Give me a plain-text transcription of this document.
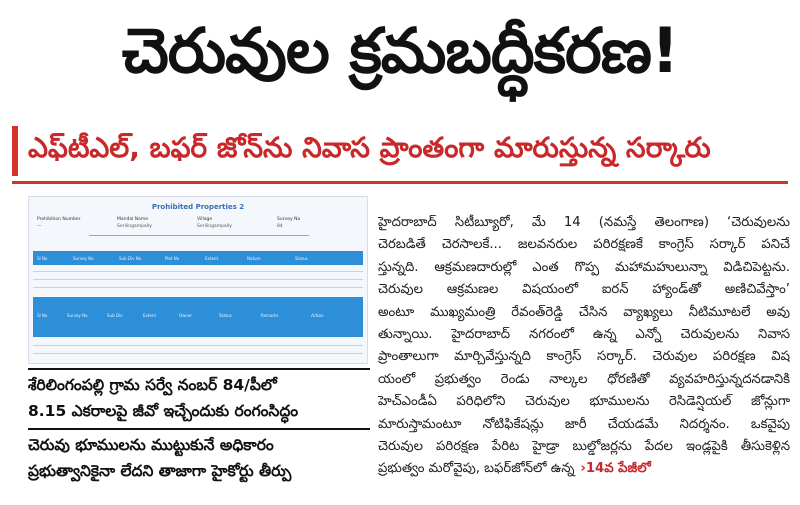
చెరువుల క్రమబద్ధీకరణ!
ఎఫ్‌టీఎల్‌, బఫర్‌ జోన్‌ను నివాస ప్రాంతంగా మారుస్తున్న సర్కారు
Prohibited Properties 2
Prohibition Number
—
Mandal Name
Serilingampally
Village
Serilingampally
Survey No
84
Sl No	Survey No	Sub Div No	Plot No	Extent	Nature	Status
Sl No	Survey No	Sub Div	Extent	Owner	Status	Remarks	Action
హైదరాబాద్‌ సిటీబ్యూరో, మే 14 (నమస్తే తెలంగాణ) ‘చెరువులను
చెరబడితే చెరసాలకే... జలవనరుల పరిరక్షణకే కాంగ్రెస్‌ సర్కార్‌ పనిచే
స్తున్నది. ఆక్రమణదారుల్లో ఎంత గొప్ప మహామహులున్నా విడిచిపెట్టను.
చెరువుల ఆక్రమణల విషయంలో ఐరన్‌ హ్యాండ్‌తో అణిచివేస్తాం’
అంటూ ముఖ్యమంత్రి రేవంత్‌రెడ్డి చేసిన వ్యాఖ్యలు నీటిమూటలే అవు
తున్నాయి. హైదరాబాద్‌ నగరంలో ఉన్న ఎన్నో చెరువులను నివాస
ప్రాంతాలుగా మార్చివేస్తున్నది కాంగ్రెస్‌ సర్కార్‌. చెరువుల పరిరక్షణ విష
యంలో ప్రభుత్వం రెండు నాల్కల ధోరణితో వ్యవహరిస్తున్నదనడానికి
హెచ్‌ఎండీఏ పరిధిలోని చెరువుల భూములను రెసిడెన్షియల్‌ జోన్లుగా
మారుస్తామంటూ నోటిఫికేషన్లు జారీ చేయడమే నిదర్శనం. ఒకవైపు
చెరువుల పరిరక్షణ పేరిట హైడ్రా బుల్డోజర్లను పేదల ఇండ్లపైకి తీసుకెళ్లిన
ప్రభుత్వం మరోవైపు, బఫర్‌జోన్‌లో ఉన్న ›14వ పేజీలో
శేరిలింగంపల్లి గ్రామ సర్వే నంబర్‌ 84/పీలో
8.15 ఎకరాలపై జీవో ఇచ్చేందుకు రంగంసిద్ధం
చెరువు భూములను ముట్టుకునే అధికారం
ప్రభుత్వానికైనా లేదని తాజాగా హైకోర్టు తీర్పు
